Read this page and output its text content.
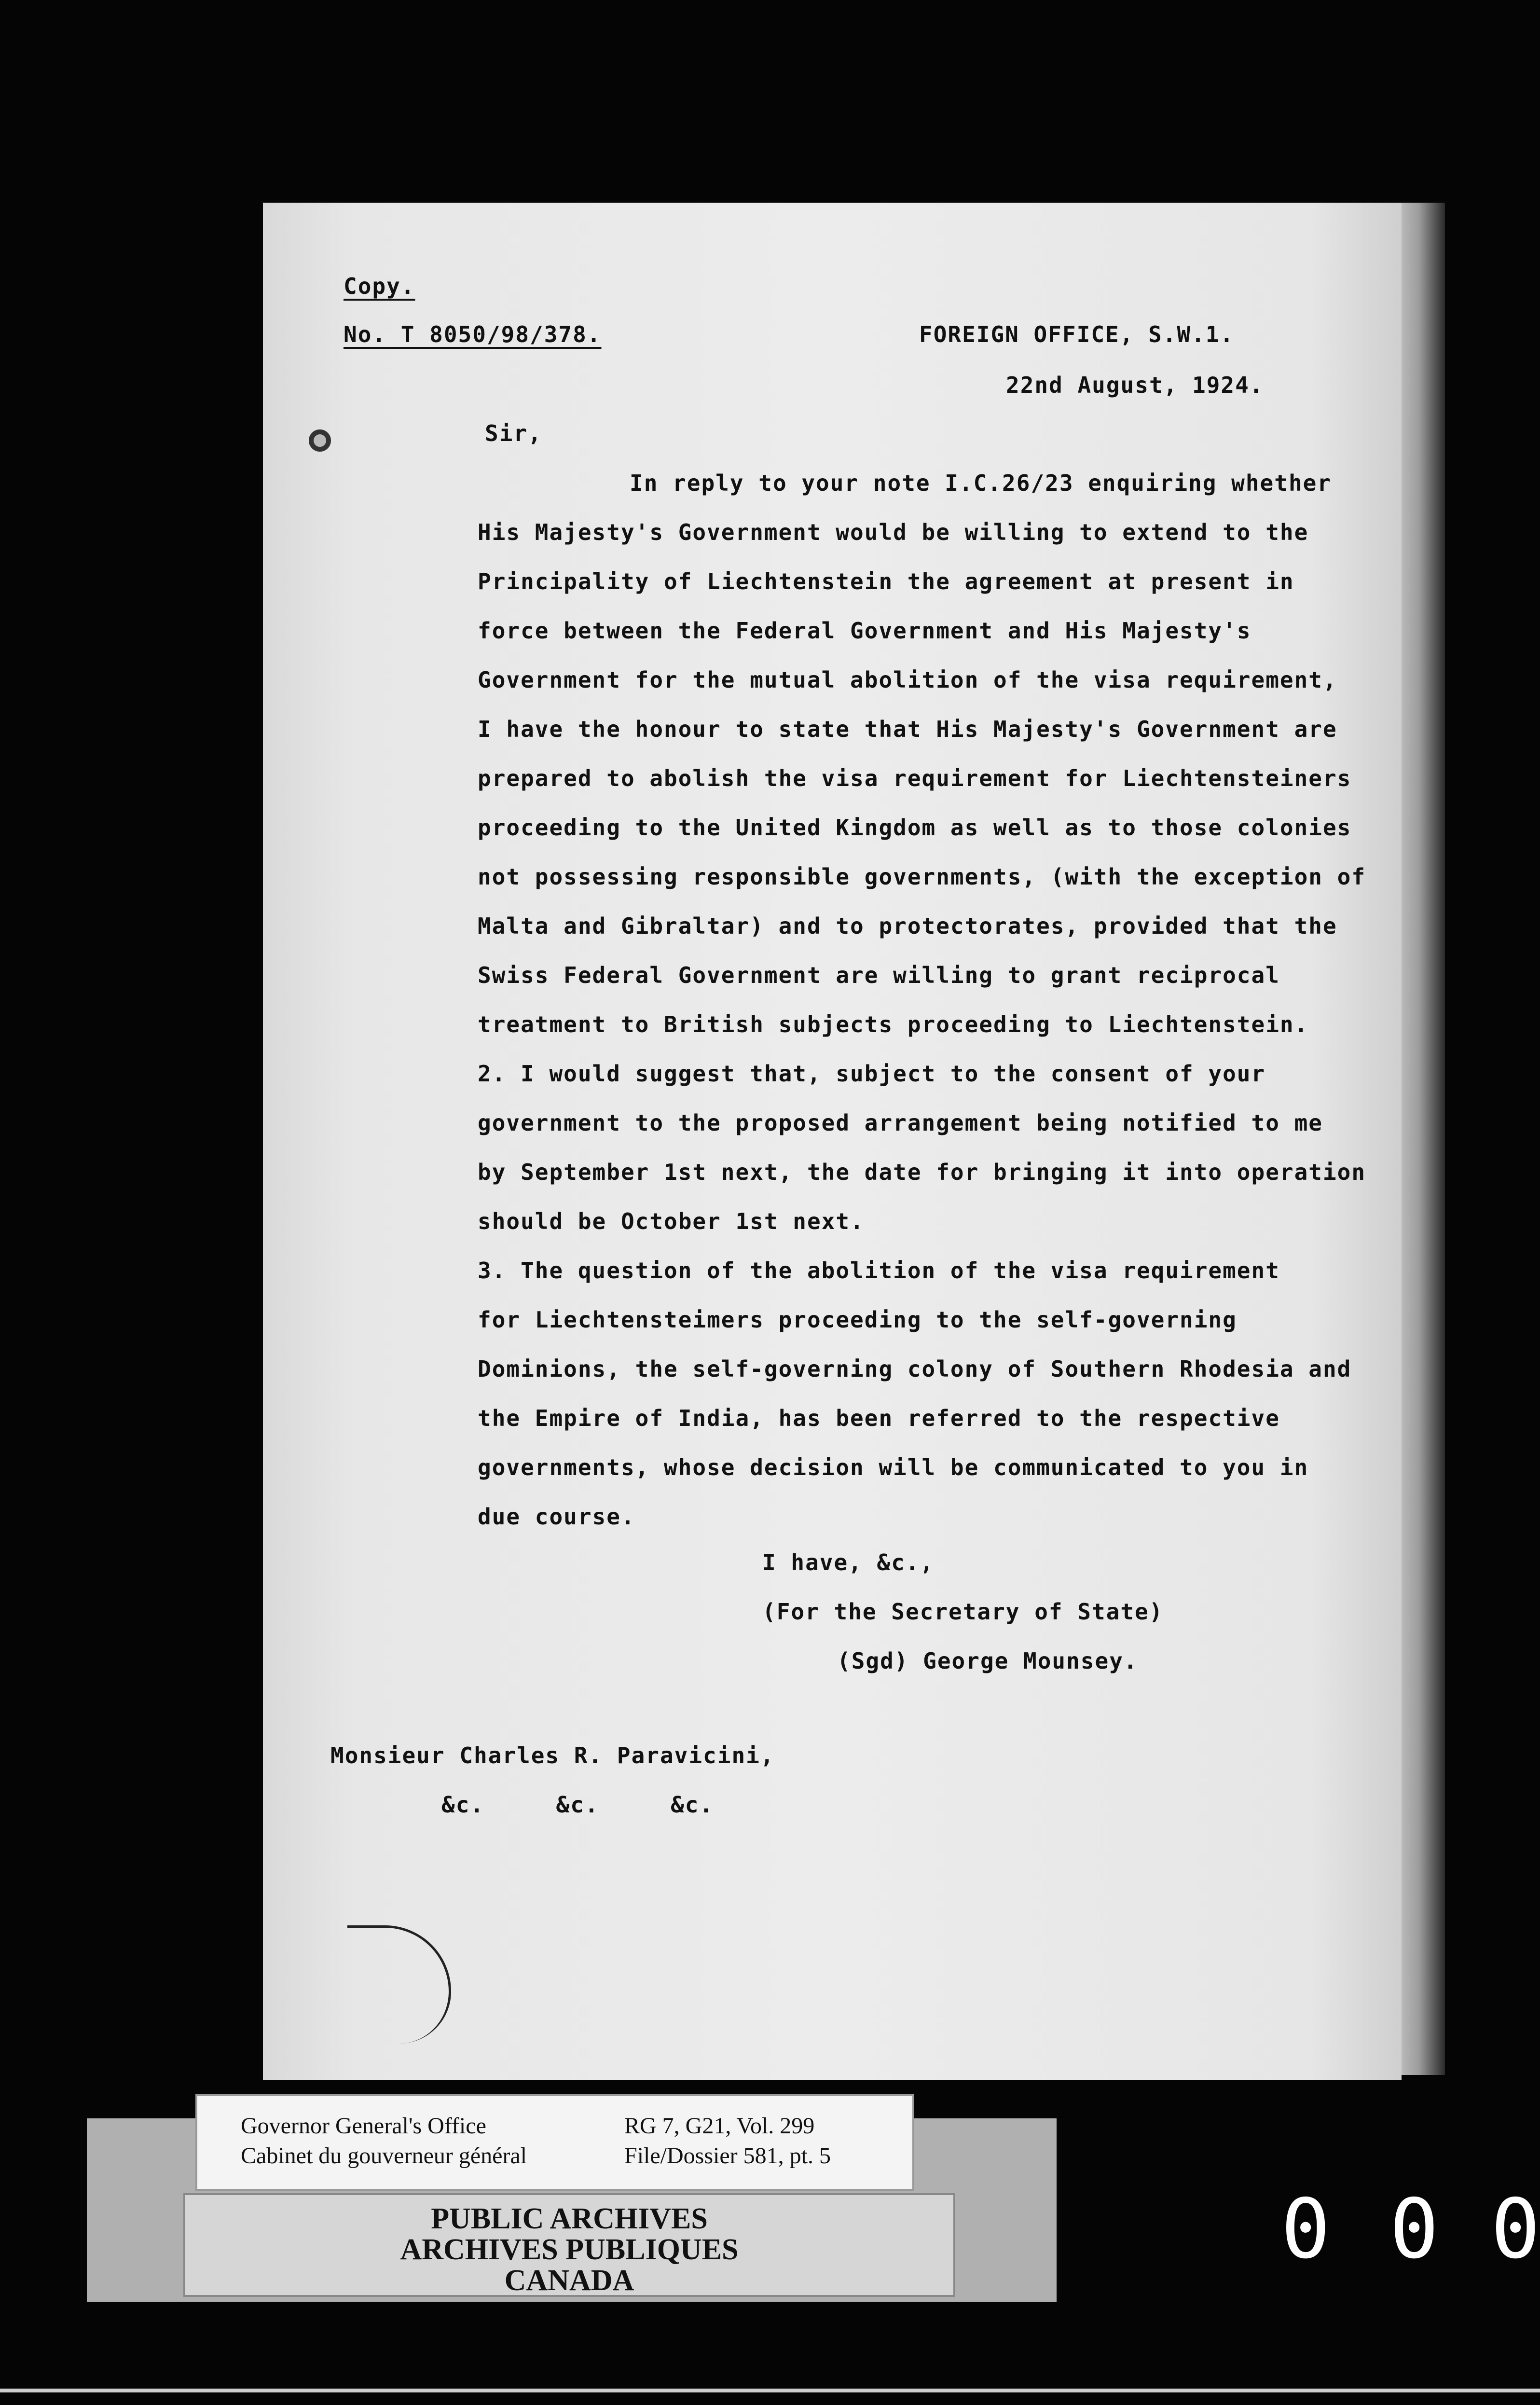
Copy.
No. T 8050/98/378.	FOREIGN OFFICE, S.W.1.
22nd August, 1924.
Sir,
In reply to your note I.C.26/23 enquiring whether
His Majesty's Government would be willing to extend to the
Principality of Liechtenstein the agreement at present in
force between the Federal Government and His Majesty's
Government for the mutual abolition of the visa requirement,
I have the honour to state that His Majesty's Government are
prepared to abolish the visa requirement for Liechtensteiners
proceeding to the United Kingdom as well as to those colonies
not possessing responsible governments, (with the exception of
Malta and Gibraltar) and to protectorates, provided that the
Swiss Federal Government are willing to grant reciprocal
treatment to British subjects proceeding to Liechtenstein.
2. I would suggest that, subject to the consent of your
government to the proposed arrangement being notified to me
by September 1st next, the date for bringing it into operation
should be October 1st next.
3. The question of the abolition of the visa requirement
for Liechtensteimers proceeding to the self-governing
Dominions, the self-governing colony of Southern Rhodesia and
the Empire of India, has been referred to the respective
governments, whose decision will be communicated to you in
due course.
I have, &c.,
(For the Secretary of State)
(Sgd) George Mounsey.
Monsieur Charles R. Paravicini,
&c.     &c.     &c.
Governor General's Office
Cabinet du gouverneur général
RG 7, G21, Vol. 299
File/Dossier 581, pt. 5
PUBLIC ARCHIVES
ARCHIVES PUBLIQUES
CANADA
0 0 0
